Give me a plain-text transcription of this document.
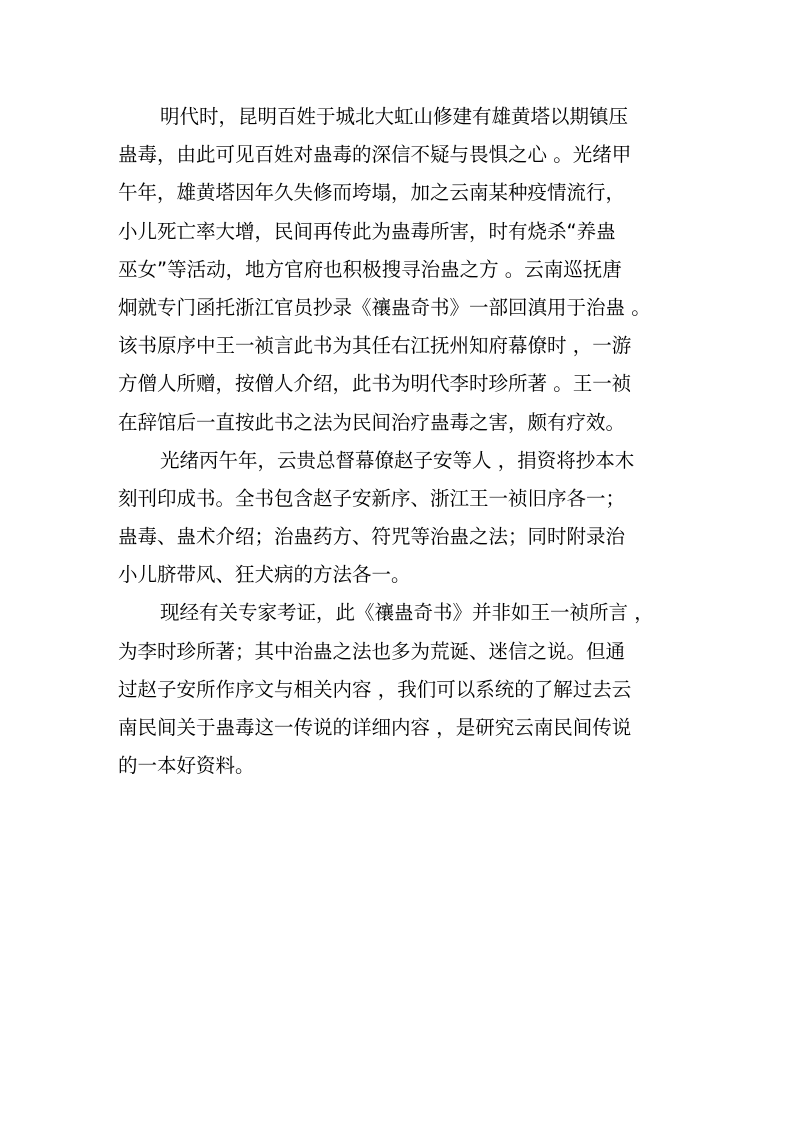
明代时，昆明百姓于城北大虹山修建有雄黄塔以期镇压
蛊毒，由此可见百姓对蛊毒的深信不疑与畏惧之心 。光绪甲
午年，雄黄塔因年久失修而垮塌，加之云南某种疫情流行，
小儿死亡率大增，民间再传此为蛊毒所害，时有烧杀“养蛊
巫女”等活动，地方官府也积极搜寻治蛊之方 。云南巡抚唐
炯就专门函托浙江官员抄录《禳蛊奇书》一部回滇用于治蛊 。
该书原序中王一祯言此书为其任右江抚州知府幕僚时 ，一游
方僧人所赠，按僧人介绍，此书为明代李时珍所著 。王一祯
在辞馆后一直按此书之法为民间治疗蛊毒之害，颇有疗效。
光绪丙午年，云贵总督幕僚赵子安等人 ，捐资将抄本木
刻刊印成书。全书包含赵子安新序、浙江王一祯旧序各一；
蛊毒、蛊术介绍；治蛊药方、符咒等治蛊之法；同时附录治
小儿脐带风、狂犬病的方法各一。
现经有关专家考证，此《禳蛊奇书》并非如王一祯所言 ，
为李时珍所著；其中治蛊之法也多为荒诞、迷信之说。但通
过赵子安所作序文与相关内容 ，我们可以系统的了解过去云
南民间关于蛊毒这一传说的详细内容 ，是研究云南民间传说
的一本好资料。
